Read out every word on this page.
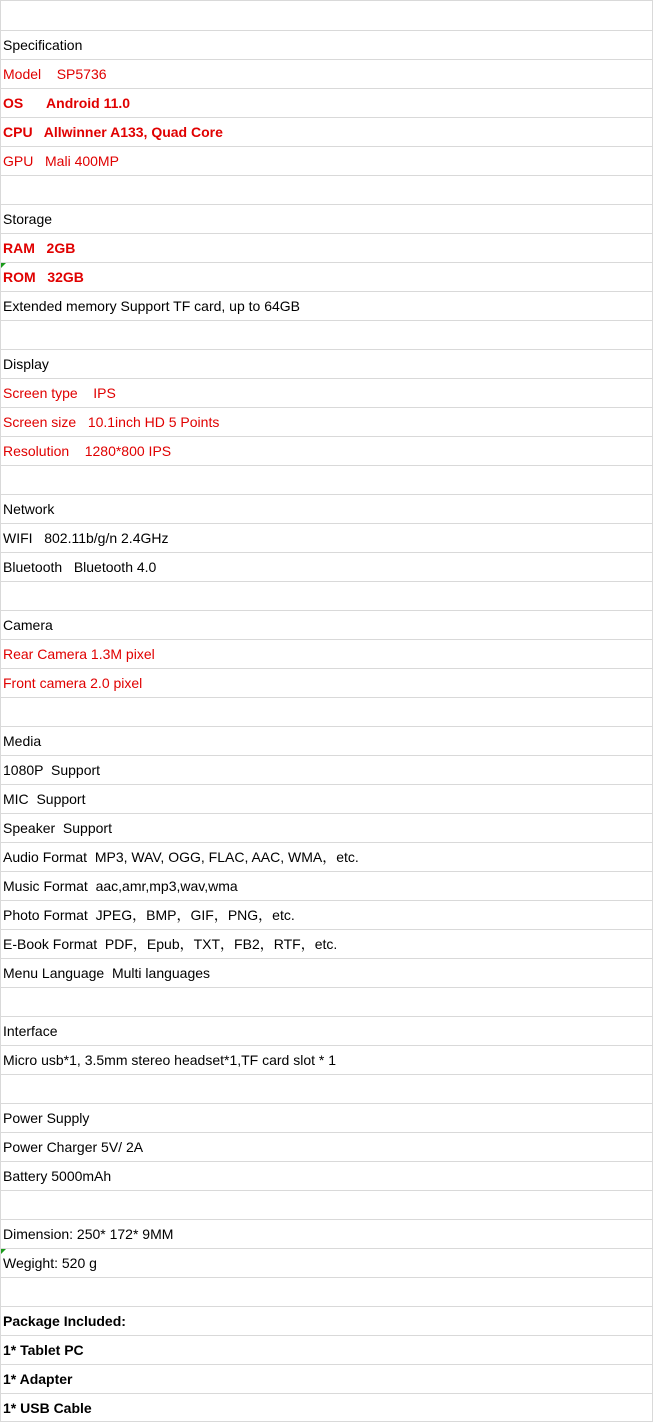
Specification
Model    SP5736
OS      Android 11.0
CPU   Allwinner A133, Quad Core
GPU   Mali 400MP
Storage
RAM   2GB
ROM   32GB
Extended memory Support TF card, up to 64GB
Display
Screen type    IPS
Screen size   10.1inch HD 5 Points
Resolution    1280*800 IPS
Network
WIFI   802.11b/g/n 2.4GHz
Bluetooth   Bluetooth 4.0
Camera
Rear Camera 1.3M pixel
Front camera 2.0 pixel
Media
1080P  Support
MIC  Support
Speaker  Support
Audio Format  MP3, WAV, OGG, FLAC, AAC, WMA，etc.
Music Format  aac,amr,mp3,wav,wma
Photo Format  JPEG，BMP，GIF，PNG，etc.
E-Book Format  PDF，Epub，TXT，FB2，RTF，etc.
Menu Language  Multi languages
Interface
Micro usb*1, 3.5mm stereo headset*1,TF card slot * 1
Power Supply
Power Charger 5V/ 2A
Battery 5000mAh
Dimension: 250* 172* 9MM
Wegight: 520 g
Package Included:
1* Tablet PC
1* Adapter
1* USB Cable
